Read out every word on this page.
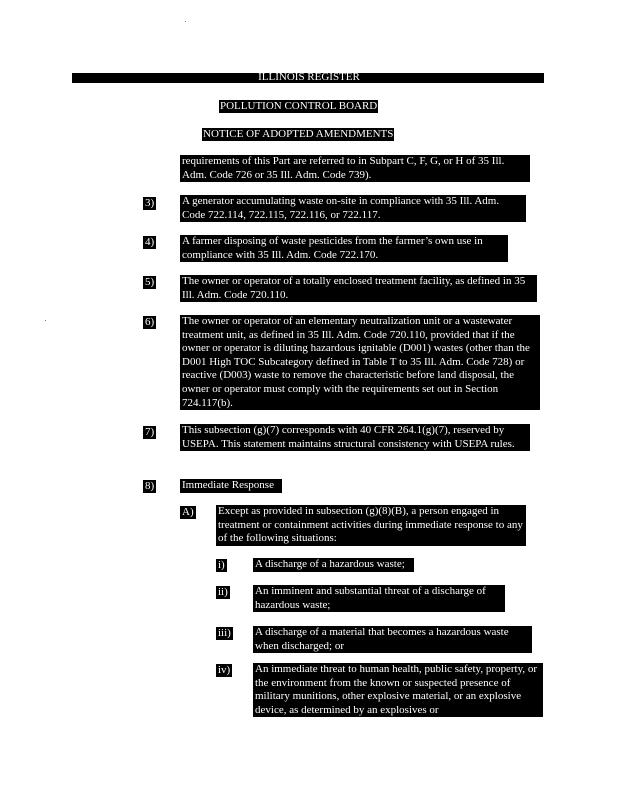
ILLINOIS REGISTER
POLLUTION CONTROL BOARD
NOTICE OF ADOPTED AMENDMENTS
requirements of this Part are referred to in Subpart C, F, G, or H of 35 Ill. Adm. Code 726 or 35 Ill. Adm. Code 739).
3)	A generator accumulating waste on-site in compliance with 35 Ill. Adm. Code 722.114, 722.115, 722.116, or 722.117.
4)	A farmer disposing of waste pesticides from the farmer’s own use in compliance with 35 Ill. Adm. Code 722.170.
5)	The owner or operator of a totally enclosed treatment facility, as defined in 35 Ill. Adm. Code 720.110.
6)	The owner or operator of an elementary neutralization unit or a wastewater treatment unit, as defined in 35 Ill. Adm. Code 720.110, provided that if the owner or operator is diluting hazardous ignitable (D001) wastes (other than the D001 High TOC Subcategory defined in Table T to 35 Ill. Adm. Code 728) or reactive (D003) waste to remove the characteristic before land disposal, the owner or operator must comply with the requirements set out in Section 724.117(b).
7)	This subsection (g)(7) corresponds with 40 CFR 264.1(g)(7), reserved by USEPA. This statement maintains structural consistency with USEPA rules.
8)	Immediate Response
A) Except as provided in subsection (g)(8)(B), a person engaged in treatment or containment activities during immediate response to any of the following situations:
i)	A discharge of a hazardous waste;
ii) An imminent and substantial threat of a discharge of hazardous waste;
iii) A discharge of a material that becomes a hazardous waste when discharged; or
iv) An immediate threat to human health, public safety, property, or the environment from the known or suspected presence of military munitions, other explosive material, or an explosive device, as determined by an explosives or
